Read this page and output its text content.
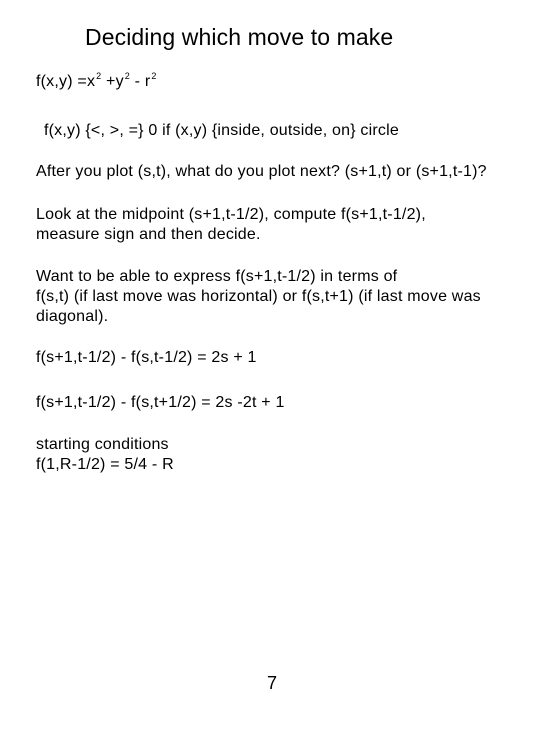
Deciding which move to make
$f(x,y) =x^2 +y^2 - r^2$
f(x,y) {<, >, =} 0 if (x,y) {inside, outside, on} circle

After you plot (s,t), what do you plot next? (s+1,t) or (s+1,t-1)?

Look at the midpoint (s+1,t-1/2), compute f(s+1,t-1/2),
measure sign and then decide.

Want to be able to express f(s+1,t-1/2) in terms of
f(s,t) (if last move was horizontal) or f(s,t+1) (if last move was
diagonal).

f(s+1,t-1/2) - f(s,t-1/2) = 2s + 1

f(s+1,t-1/2) - f(s,t+1/2) = 2s -2t + 1

starting conditions
f(1,R-1/2) = 5/4 - R

7
